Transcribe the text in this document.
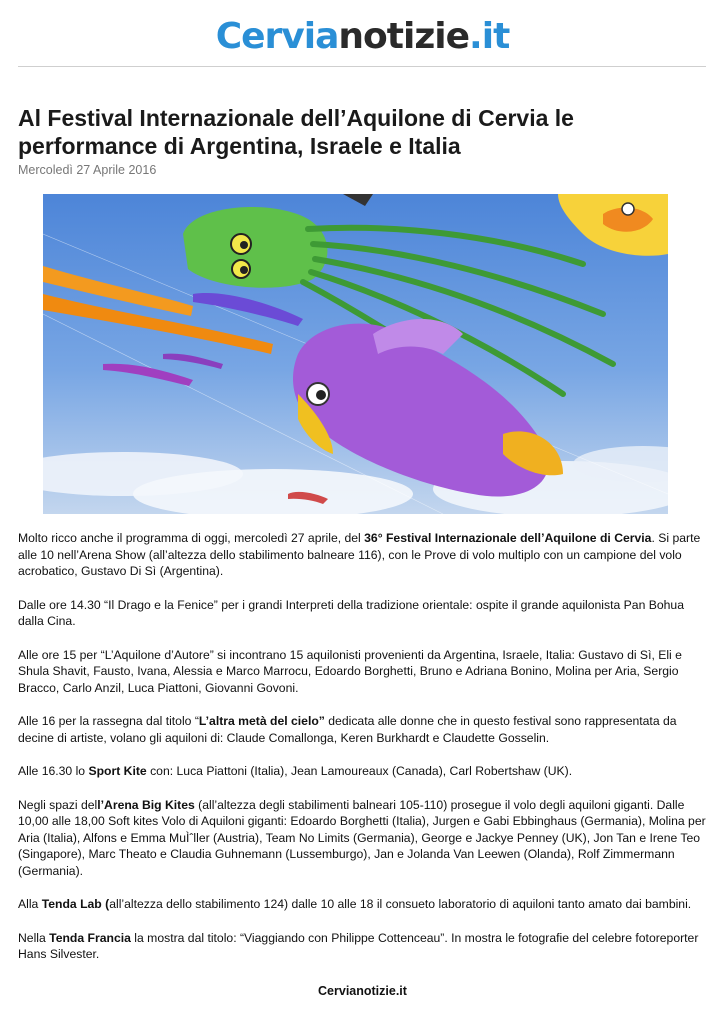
Cervianotizie.it
Al Festival Internazionale dell’Aquilone di Cervia le performance di Argentina, Israele e Italia
Mercoledì 27 Aprile 2016

Molto ricco anche il programma di oggi, mercoledì 27 aprile, del 36° Festival Internazionale dell’Aquilone di Cervia. Si parte alle 10 nell’Arena Show (all’altezza dello stabilimento balneare 116), con le Prove di volo multiplo con un campione del volo acrobatico, Gustavo Di Sì (Argentina).

Dalle ore 14.30 “Il Drago e la Fenice” per i grandi Interpreti della tradizione orientale: ospite il grande aquilonista Pan Bohua dalla Cina.

Alle ore 15 per “L’Aquilone d’Autore” si incontrano 15 aquilonisti provenienti da Argentina, Israele, Italia: Gustavo di Sì, Eli e Shula Shavit, Fausto, Ivana, Alessia e Marco Marrocu, Edoardo Borghetti, Bruno e Adriana Bonino, Molina per Aria, Sergio Bracco, Carlo Anzil, Luca Piattoni, Giovanni Govoni.

Alle 16 per la rassegna dal titolo “L’altra metà del cielo” dedicata alle donne che in questo festival sono rappresentata da decine di artiste, volano gli aquiloni di: Claude Comallonga, Keren Burkhardt e Claudette Gosselin.

Alle 16.30 lo Sport Kite con: Luca Piattoni (Italia), Jean Lamoureaux (Canada), Carl Robertshaw (UK).

Negli spazi dell’Arena Big Kites (all’altezza degli stabilimenti balneari 105-110) prosegue il volo degli aquiloni giganti. Dalle 10,00 alle 18,00 Soft kites Volo di Aquiloni giganti: Edoardo Borghetti (Italia), Jurgen e Gabi Ebbinghaus (Germania), Molina per Aria (Italia), Alfons e Emma MuÌˆller (Austria), Team No Limits (Germania), George e Jackye Penney (UK), Jon Tan e Irene Teo (Singapore), Marc Theato e Claudia Guhnemann (Lussemburgo), Jan e Jolanda Van Leewen (Olanda), Rolf Zimmermann (Germania).

Alla Tenda Lab (all’altezza dello stabilimento 124) dalle 10 alle 18 il consueto laboratorio di aquiloni tanto amato dai bambini.

Nella Tenda Francia la mostra dal titolo: “Viaggiando con Philippe Cottenceau”. In mostra le fotografie del celebre fotoreporter Hans Silvester.

Cervianotizie.it
